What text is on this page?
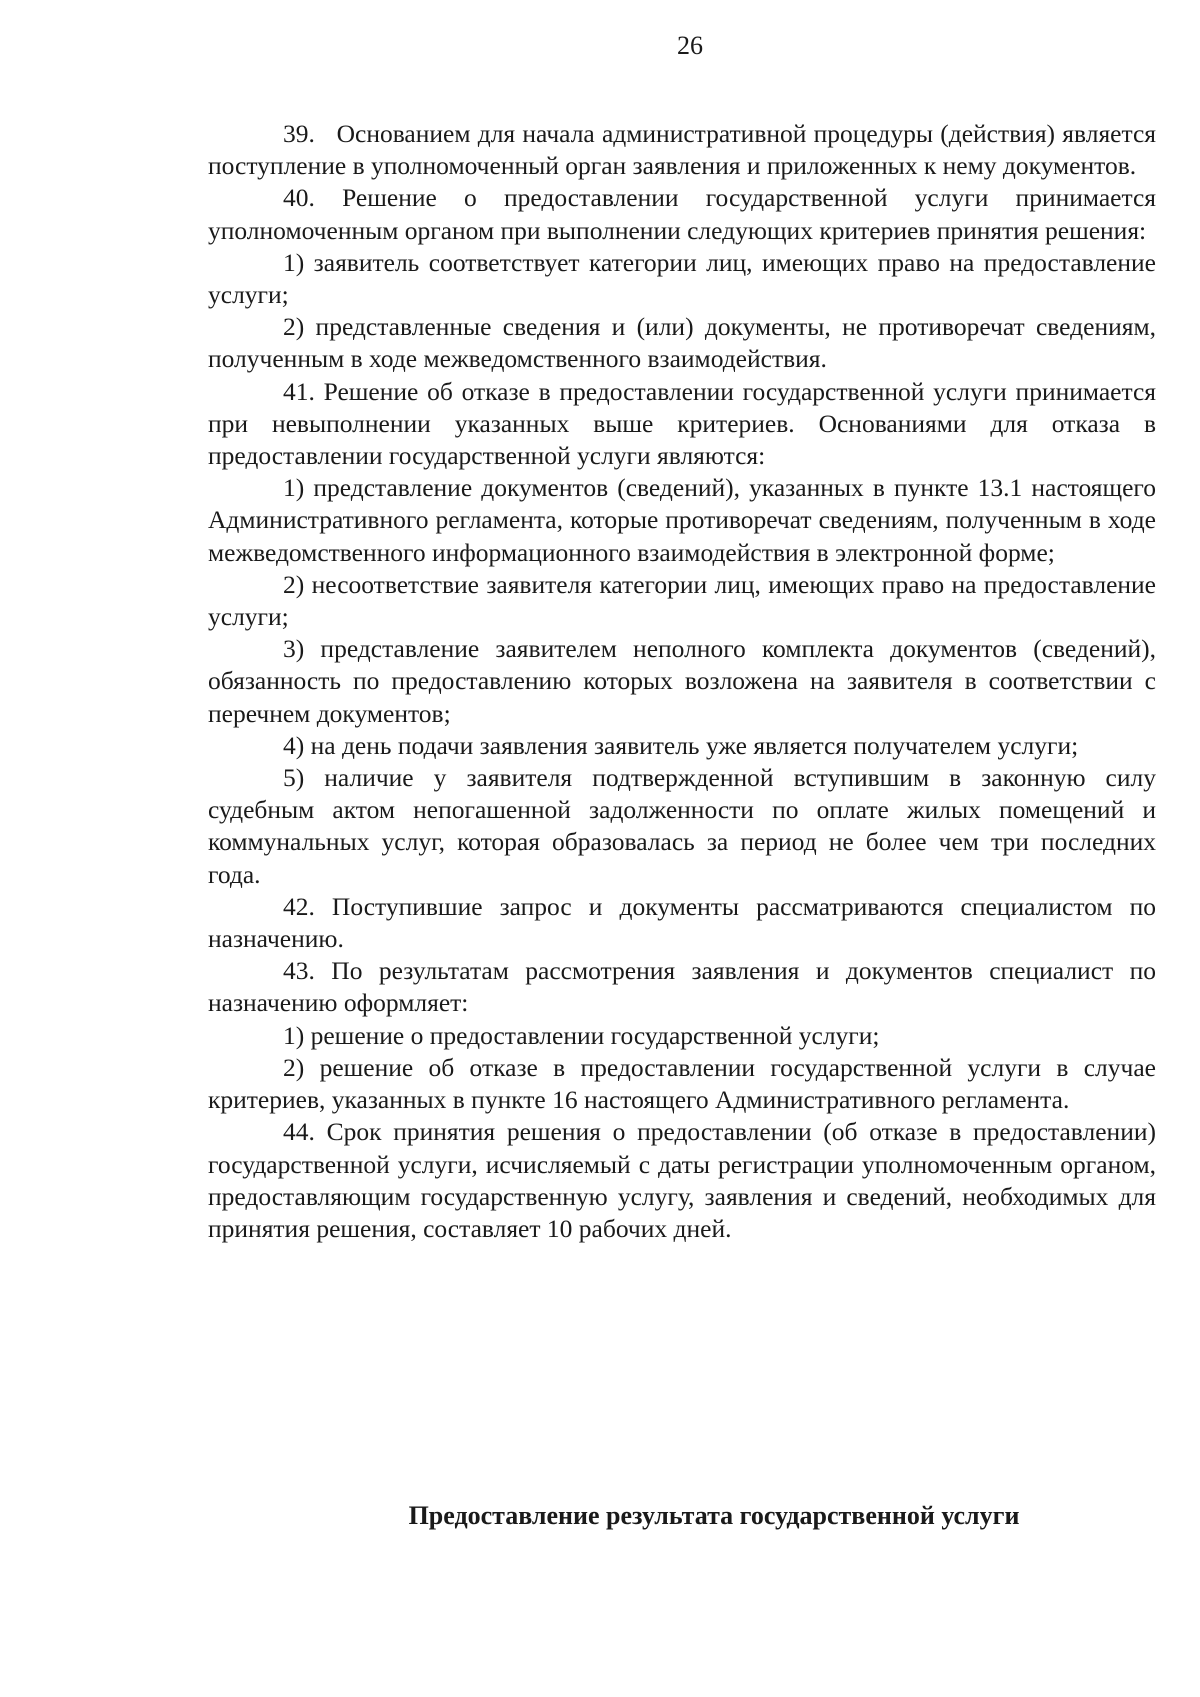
26

39.   Основанием для начала административной процедуры (действия) является поступление в уполномоченный орган заявления и приложенных к нему документов.

40. Решение о предоставлении государственной услуги принимается уполномоченным органом при выполнении следующих критериев принятия решения:

1) заявитель соответствует категории лиц, имеющих право на предоставление услуги;

2) представленные сведения и (или) документы, не противоречат сведениям, полученным в ходе межведомственного взаимодействия.

41. Решение об отказе в предоставлении государственной услуги принимается при невыполнении указанных выше критериев. Основаниями для отказа в предоставлении государственной услуги являются:

1) представление документов (сведений), указанных в пункте 13.1 настоящего Административного регламента, которые противоречат сведениям, полученным в ходе межведомственного информационного взаимодействия в электронной форме;

2) несоответствие заявителя категории лиц, имеющих право на предоставление услуги;

3) представление заявителем неполного комплекта документов (сведений), обязанность по предоставлению которых возложена на заявителя в соответствии с перечнем документов;

4) на день подачи заявления заявитель уже является получателем услуги;

5) наличие у заявителя подтвержденной вступившим в законную силу судебным актом непогашенной задолженности по оплате жилых помещений и коммунальных услуг, которая образовалась за период не более чем три последних года.

42. Поступившие запрос и документы рассматриваются специалистом по назначению.

43. По результатам рассмотрения заявления и документов специалист по назначению оформляет:

1) решение о предоставлении государственной услуги;

2) решение об отказе в предоставлении государственной услуги в случае критериев, указанных в пункте 16 настоящего Административного регламента.

44. Срок принятия решения о предоставлении (об отказе в предоставлении) государственной услуги, исчисляемый с даты регистрации уполномоченным органом, предоставляющим государственную услугу, заявления и сведений, необходимых для принятия решения, составляет 10 рабочих дней.

Предоставление результата государственной услуги
